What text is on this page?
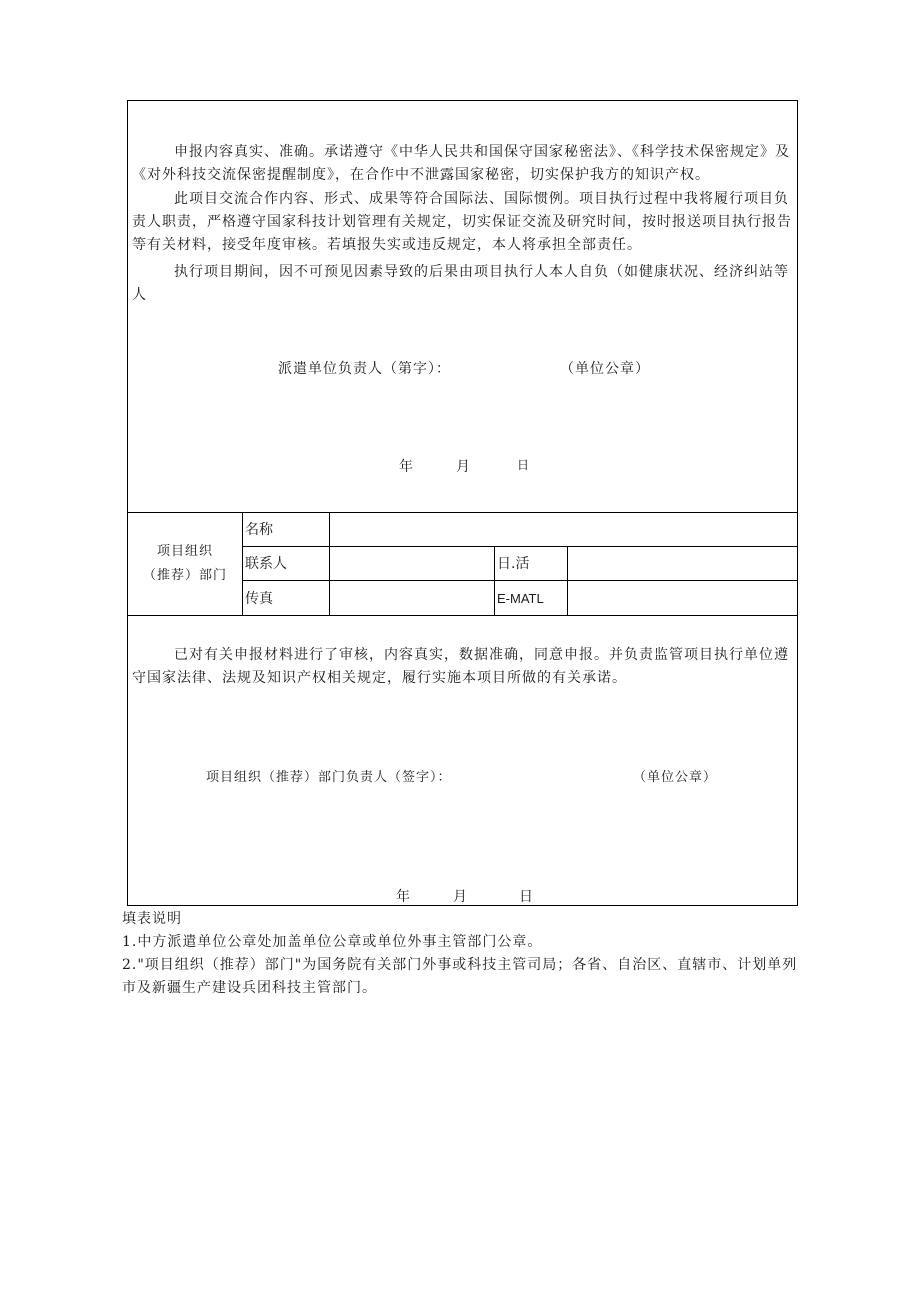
申报内容真实、准确。承诺遵守《中华人民共和国保守国家秘密法》、《科学技术保密规定》及《对外科技交流保密提醒制度》，在合作中不泄露国家秘密，切实保护我方的知识产权。

此项目交流合作内容、形式、成果等符合国际法、国际惯例。项目执行过程中我将履行项目负责人职责，严格遵守国家科技计划管理有关规定，切实保证交流及研究时间，按时报送项目执行报告等有关材料，接受年度审核。若填报失实或违反规定，本人将承担全部责任。

执行项目期间，因不可预见因素导致的后果由项目执行人本人自负（如健康状况、经济纠站等人

派遣单位负责人（第字）：	（单位公章）
年	月	日
项目组织
（推荐）部门
名称
联系人	日.活
传真	E-MATL

已对有关申报材料进行了审核，内容真实，数据准确，同意申报。并负责监管项目执行单位遵守国家法律、法规及知识产权相关规定，履行实施本项目所做的有关承诺。

项目组织（推荐）部门负责人（签字）：	（单位公章）
年	月	日
填表说明
1.中方派遣单位公章处加盖单位公章或单位外事主管部门公章。
2."项目组织（推荐）部门"为国务院有关部门外事或科技主管司局；各省、自治区、直辖市、计划单列市及新疆生产建设兵团科技主管部门。
